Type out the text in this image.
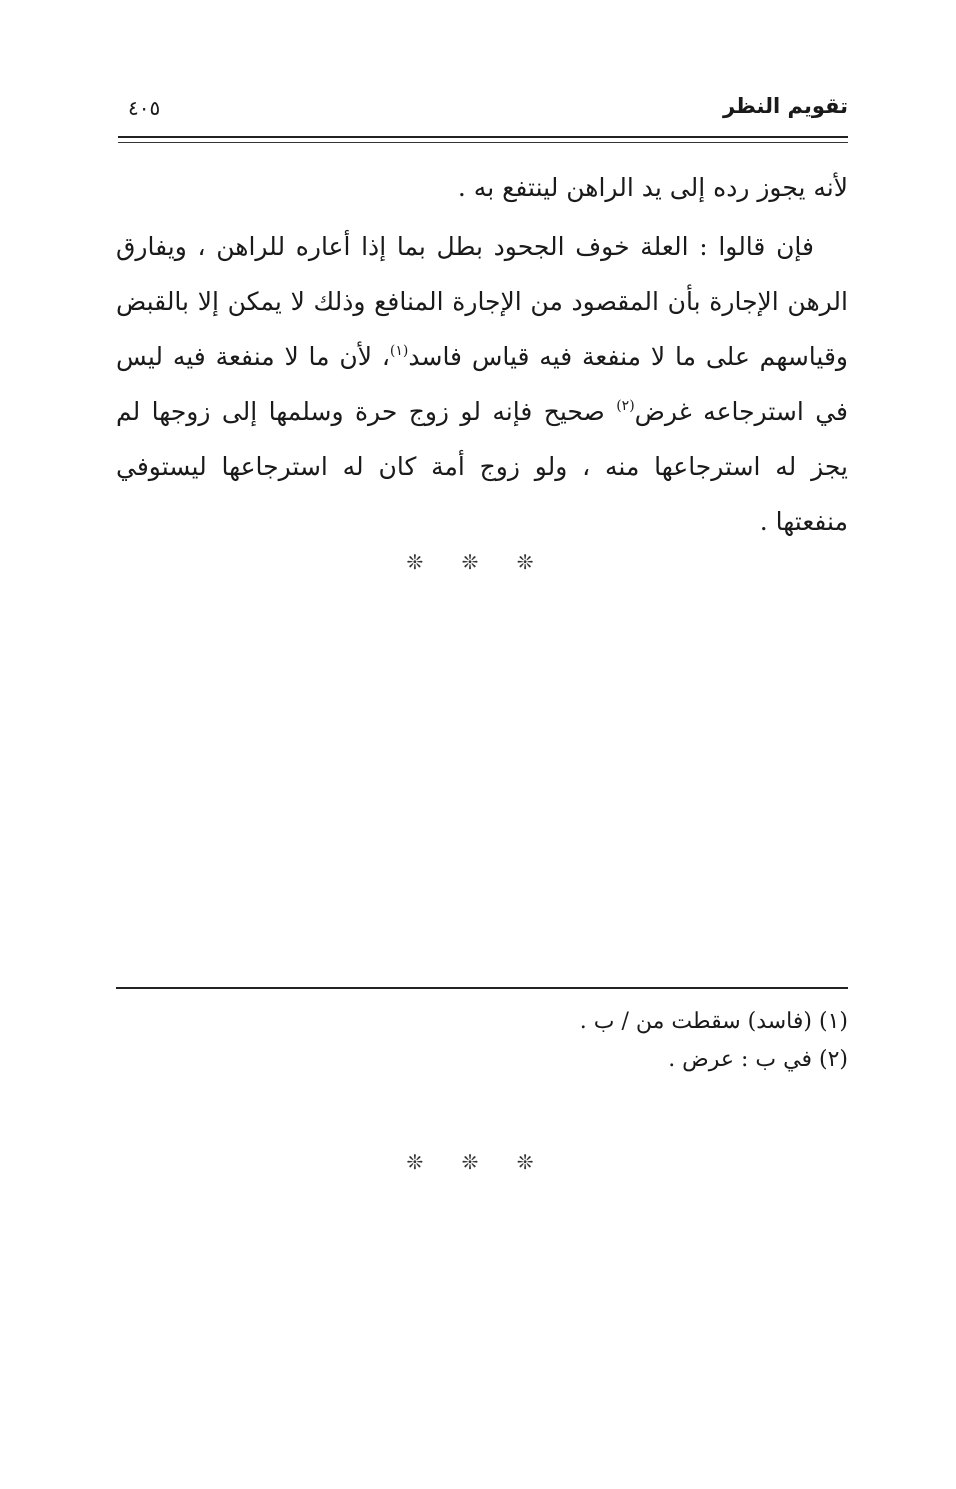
تقويم النظر
٤٠٥

لأنه يجوز رده إلى يد الراهن لينتفع به .

فإن قالوا : العلة خوف الجحود بطل بما إذا أعاره للراهن ، ويفارق الرهن الإجارة بأن المقصود من الإجارة المنافع وذلك لا يمكن إلا بالقبض وقياسهم على ما لا منفعة فيه قياس فاسد$^{(١)}$، لأن ما لا منفعة فيه ليس في استرجاعه غرض$^{(٢)}$ صحيح فإنه لو زوج حرة وسلمها إلى زوجها لم يجز له استرجاعها منه ، ولو زوج أمة كان له استرجاعها ليستوفي منفعتها .

❊ ❊ ❊

(١) (فاسد) سقطت من / ب .

(٢) في ب : عرض .

❊ ❊ ❊
